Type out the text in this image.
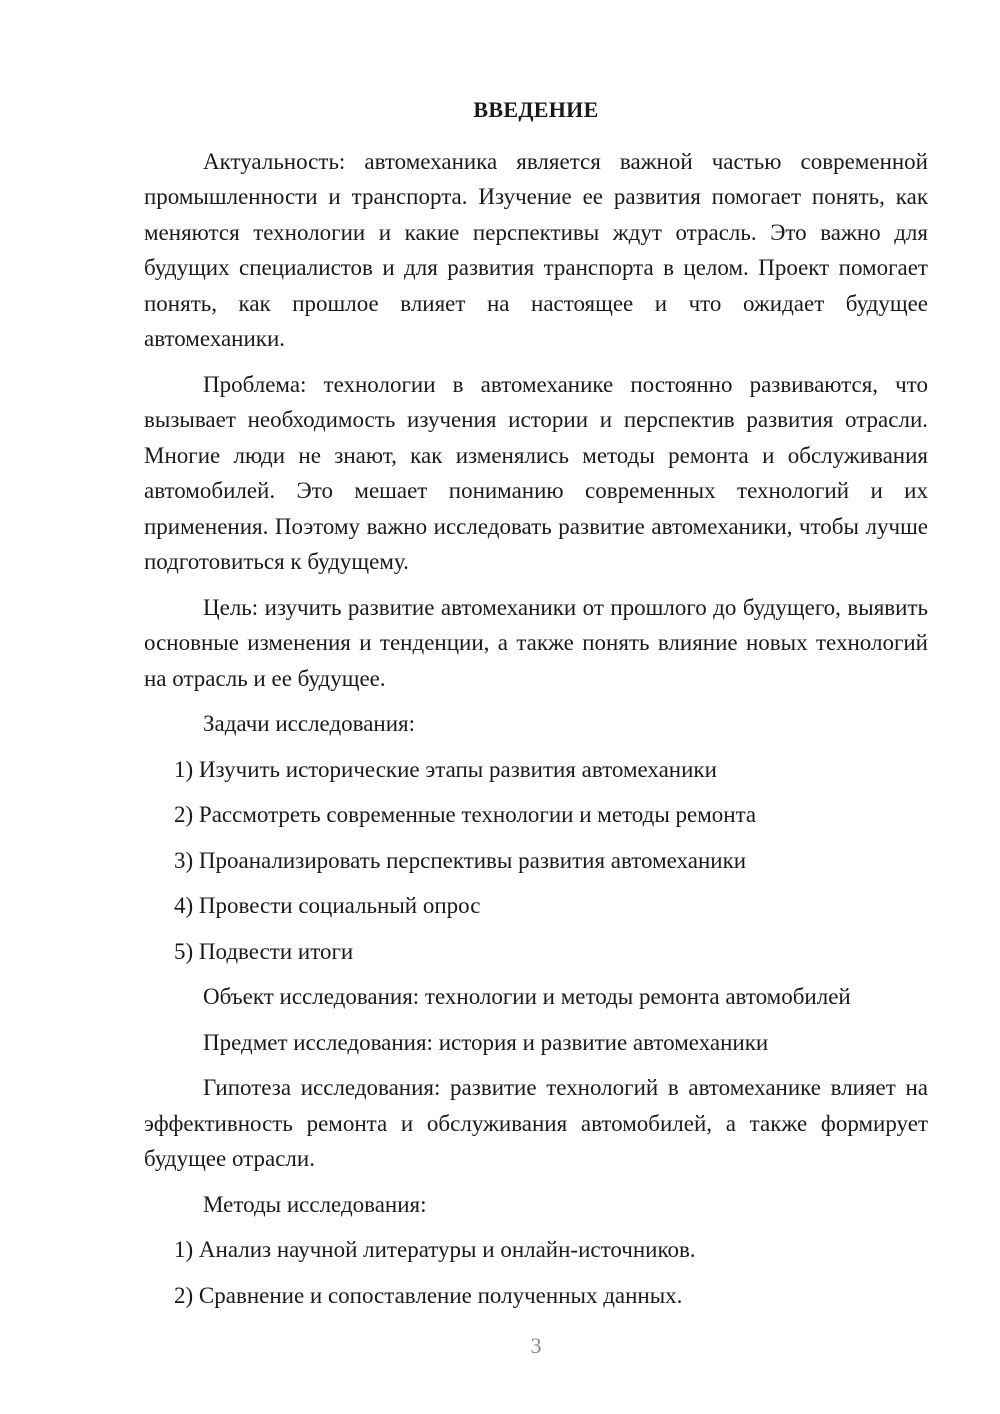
ВВЕДЕНИЕ

Актуальность: автомеханика является важной частью современной промышленности и транспорта. Изучение ее развития помогает понять, как меняются технологии и какие перспективы ждут отрасль. Это важно для будущих специалистов и для развития транспорта в целом. Проект помогает понять, как прошлое влияет на настоящее и что ожидает будущее автомеханики.

Проблема: технологии в автомеханике постоянно развиваются, что вызывает необходимость изучения истории и перспектив развития отрасли. Многие люди не знают, как изменялись методы ремонта и обслуживания автомобилей. Это мешает пониманию современных технологий и их применения. Поэтому важно исследовать развитие автомеханики, чтобы лучше подготовиться к будущему.

Цель: изучить развитие автомеханики от прошлого до будущего, выявить основные изменения и тенденции, а также понять влияние новых технологий на отрасль и ее будущее.

Задачи исследования:

1) Изучить исторические этапы развития автомеханики

2) Рассмотреть современные технологии и методы ремонта

3) Проанализировать перспективы развития автомеханики

4) Провести социальный опрос

5) Подвести итоги

Объект исследования: технологии и методы ремонта автомобилей

Предмет исследования: история и развитие автомеханики

Гипотеза исследования: развитие технологий в автомеханике влияет на эффективность ремонта и обслуживания автомобилей, а также формирует будущее отрасли.

Методы исследования:

1) Анализ научной литературы и онлайн-источников.

2) Сравнение и сопоставление полученных данных.

3
